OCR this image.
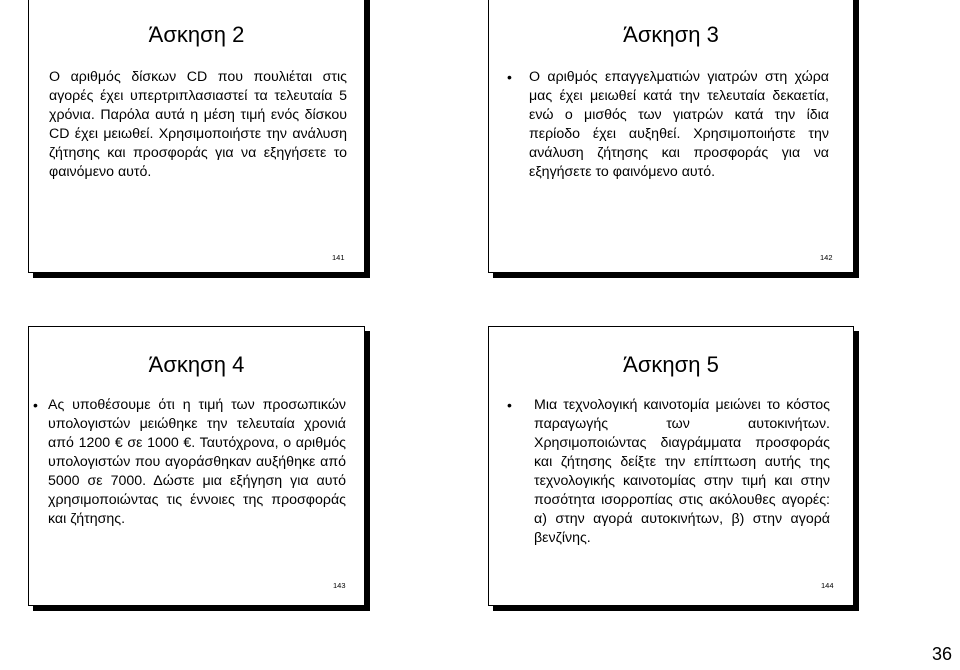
Άσκηση 2
Ο αριθμός δίσκων CD που πουλιέται στις αγορές έχει υπερτριπλασιαστεί τα τελευταία 5 χρόνια. Παρόλα αυτά η μέση τιμή ενός δίσκου CD έχει μειωθεί. Χρησιμοποιήστε την ανάλυση ζήτησης και προσφοράς για να εξηγήσετε το φαινόμενο αυτό.
Άσκηση 3
• Ο αριθμός επαγγελματιών γιατρών στη χώρα μας έχει μειωθεί κατά την τελευταία δεκαετία, ενώ ο μισθός των γιατρών κατά την ίδια περίοδο έχει αυξηθεί. Χρησιμοποιήστε την ανάλυση ζήτησης και προσφοράς για να εξηγήσετε το φαινόμενο αυτό.
141	142
Άσκηση 4
• Ας υποθέσουμε ότι η τιμή των προσωπικών υπολογιστών μειώθηκε την τελευταία χρονιά από 1200 € σε 1000 €. Ταυτόχρονα, ο αριθμός υπολογιστών που αγοράσθηκαν αυξήθηκε από 5000 σε 7000. Δώστε μια εξήγηση για αυτό χρησιμοποιώντας τις έννοιες της προσφοράς και ζήτησης.
143
Άσκηση 5
• Μια τεχνολογική καινοτομία μειώνει το κόστος παραγωγής των αυτοκινήτων. Χρησιμοποιώντας διαγράμματα προσφοράς και ζήτησης δείξτε την επίπτωση αυτής της τεχνολογικής καινοτομίας στην τιμή και στην ποσότητα ισορροπίας στις ακόλουθες αγορές: α) στην αγορά αυτοκινήτων, β) στην αγορά βενζίνης.
144
36
